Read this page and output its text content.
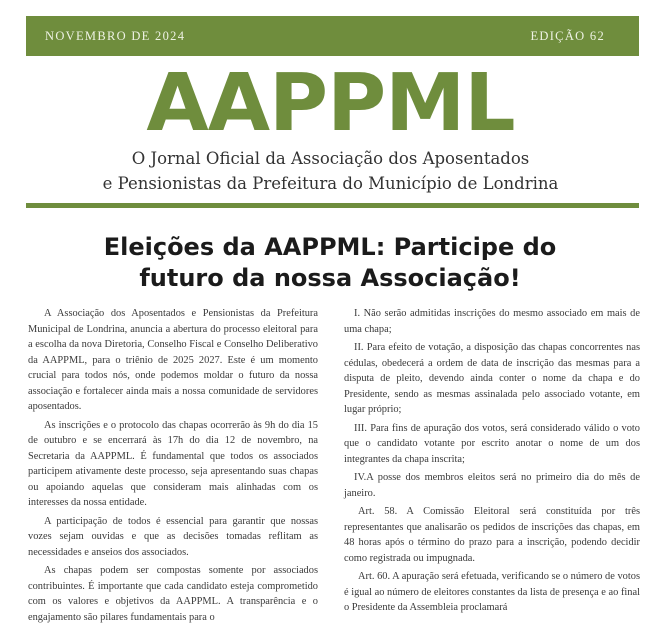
NOVEMBRO DE 2024	EDIÇÃO 62
AAPPML
O Jornal Oficial da Associação dos Aposentados
e Pensionistas da Prefeitura do Município de Londrina
Eleições da AAPPML: Participe do
futuro da nossa Associação!

A Associação dos Aposentados e Pensionistas da Prefeitura Municipal de Londrina, anuncia a abertura do processo eleitoral para a escolha da nova Diretoria, Conselho Fiscal e Conselho Deliberativo da AAPPML, para o triênio de 2025 2027. Este é um momento crucial para todos nós, onde podemos moldar o futuro da nossa associação e fortalecer ainda mais a nossa comunidade de servidores aposentados.

As inscrições e o protocolo das chapas ocorrerão às 9h do dia 15 de outubro e se encerrará às 17h do dia 12 de novembro, na Secretaria da AAPPML. É fundamental que todos os associados participem ativamente deste processo, seja apresentando suas chapas ou apoiando aquelas que consideram mais alinhadas com os interesses da nossa entidade.

A participação de todos é essencial para garantir que nossas vozes sejam ouvidas e que as decisões tomadas reflitam as necessidades e anseios dos associados.

As chapas podem ser compostas somente por associados contribuintes. É importante que cada candidato esteja comprometido com os valores e objetivos da AAPPML. A transparência e o engajamento são pilares fundamentais para o

I. Não serão admitidas inscrições do mesmo associado em mais de uma chapa;

II. Para efeito de votação, a disposição das chapas concorrentes nas cédulas, obedecerá a ordem de data de inscrição das mesmas para a disputa de pleito, devendo ainda conter o nome da chapa e do Presidente, sendo as mesmas assinalada pelo associado votante, em lugar próprio;

III. Para fins de apuração dos votos, será considerado válido o voto que o candidato votante por escrito anotar o nome de um dos integrantes da chapa inscrita;

IV.A posse dos membros eleitos será no primeiro dia do mês de janeiro.

Art. 58. A Comissão Eleitoral será constituída por três representantes que analisarão os pedidos de inscrições das chapas, em 48 horas após o término do prazo para a inscrição, podendo decidir como registrada ou impugnada.

Art. 60. A apuração será efetuada, verificando se o número de votos é igual ao número de eleitores constantes da lista de presença e ao final o Presidente da Assembleia proclamará
